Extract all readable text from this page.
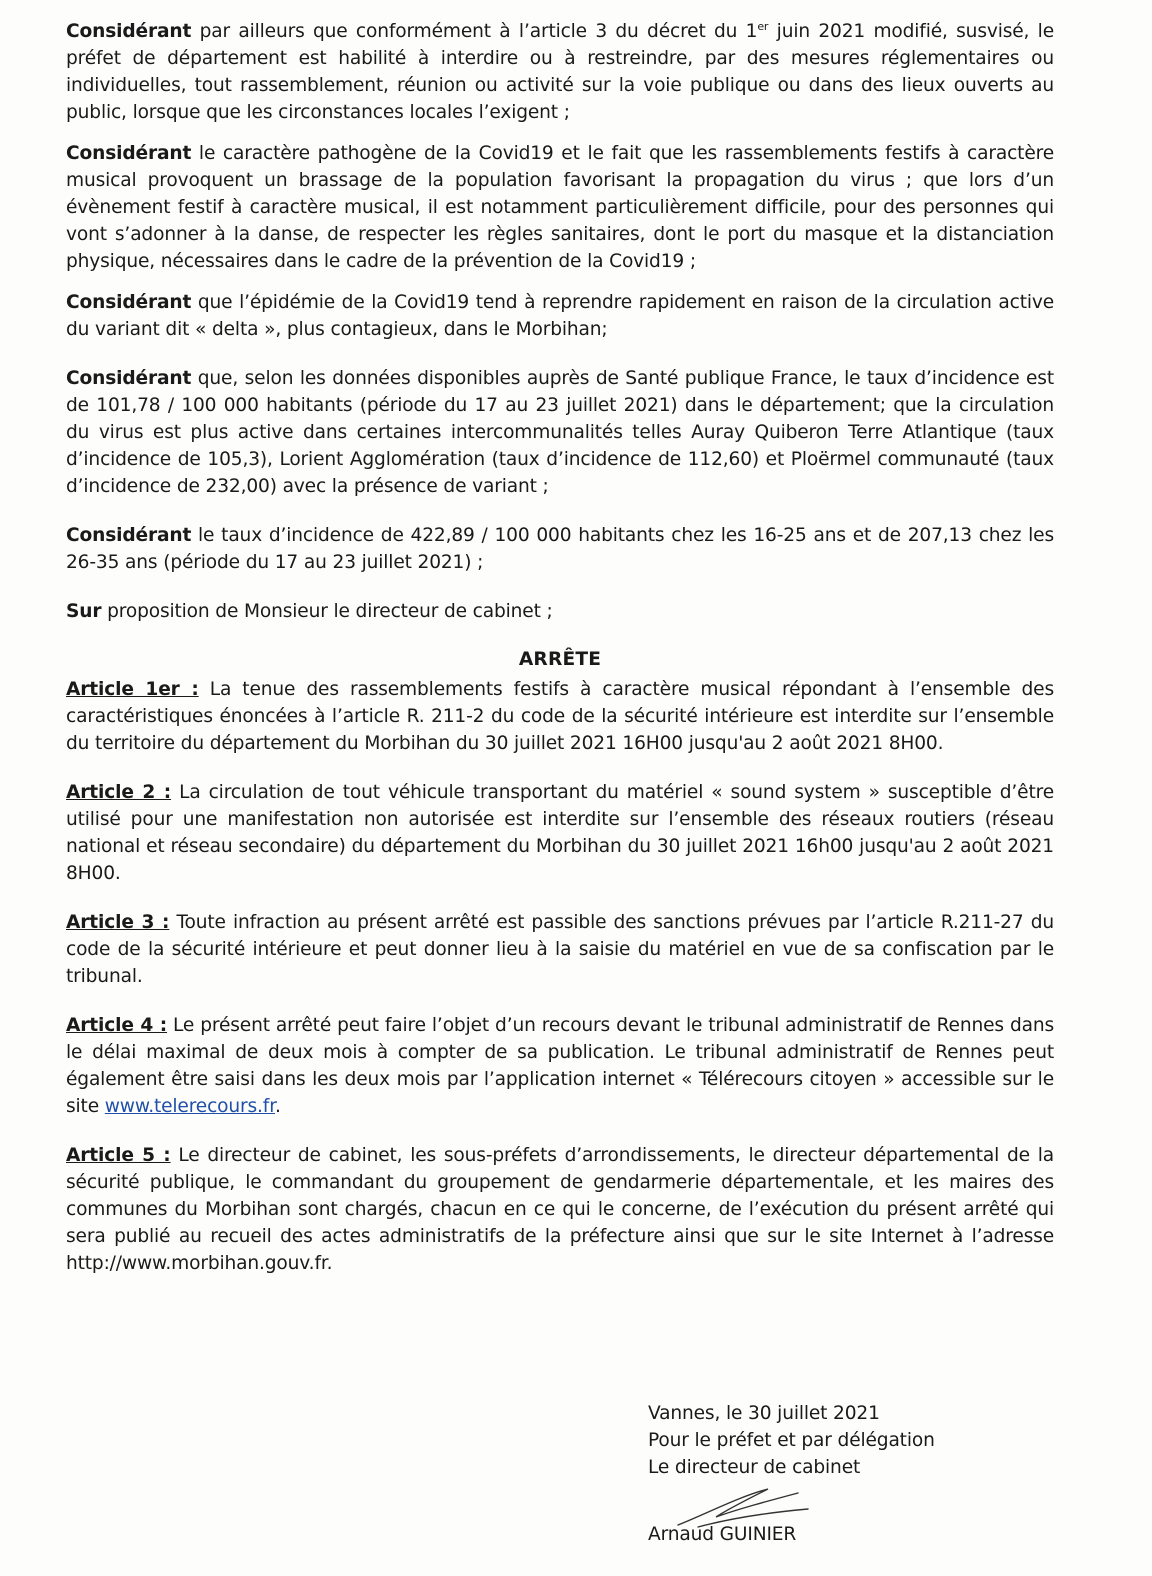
Considérant par ailleurs que conformément à l’article 3 du décret du 1er juin 2021 modifié, susvisé, le préfet de département est habilité à interdire ou à restreindre, par des mesures réglementaires ou individuelles, tout rassemblement, réunion ou activité sur la voie publique ou dans des lieux ouverts au public, lorsque que les circonstances locales l’exigent ;

Considérant le caractère pathogène de la Covid19 et le fait que les rassemblements festifs à caractère musical provoquent un brassage de la population favorisant la propagation du virus ; que lors d’un évènement festif à caractère musical, il est notamment particulièrement difficile, pour des personnes qui vont s’adonner à la danse, de respecter les règles sanitaires, dont le port du masque et la distanciation physique, nécessaires dans le cadre de la prévention de la Covid19 ;

Considérant que l’épidémie de la Covid19 tend à reprendre rapidement en raison de la circulation active du variant dit « delta », plus contagieux, dans le Morbihan;

Considérant que, selon les données disponibles auprès de Santé publique France, le taux d’incidence est de 101,78 / 100 000 habitants (période du 17 au 23 juillet 2021) dans le département; que la circulation du virus est plus active dans certaines intercommunalités telles Auray Quiberon Terre Atlantique (taux d’incidence de 105,3), Lorient Agglomération (taux d’incidence de 112,60) et Ploërmel communauté (taux d’incidence de 232,00) avec la présence de variant ;

Considérant le taux d’incidence de 422,89 / 100 000 habitants chez les 16-25 ans et de 207,13 chez les 26-35 ans (période du 17 au 23 juillet 2021) ;

Sur proposition de Monsieur le directeur de cabinet ;

ARRÊTE

Article 1er : La tenue des rassemblements festifs à caractère musical répondant à l’ensemble des caractéristiques énoncées à l’article R. 211-2 du code de la sécurité intérieure est interdite sur l’ensemble du territoire du département du Morbihan du 30 juillet 2021 16H00 jusqu'au 2 août 2021 8H00.

Article 2 : La circulation de tout véhicule transportant du matériel « sound system » susceptible d’être utilisé pour une manifestation non autorisée est interdite sur l’ensemble des réseaux routiers (réseau national et réseau secondaire) du département du Morbihan du 30 juillet 2021 16h00 jusqu'au 2 août 2021 8H00.

Article 3 : Toute infraction au présent arrêté est passible des sanctions prévues par l’article R.211-27 du code de la sécurité intérieure et peut donner lieu à la saisie du matériel en vue de sa confiscation par le tribunal.

Article 4 : Le présent arrêté peut faire l’objet d’un recours devant le tribunal administratif de Rennes dans le délai maximal de deux mois à compter de sa publication. Le tribunal administratif de Rennes peut également être saisi dans les deux mois par l’application internet « Télérecours citoyen » accessible sur le site www.telerecours.fr.

Article 5 : Le directeur de cabinet, les sous-préfets d’arrondissements, le directeur départemental de la sécurité publique, le commandant du groupement de gendarmerie départementale, et les maires des communes du Morbihan sont chargés, chacun en ce qui le concerne, de l’exécution du présent arrêté qui sera publié au recueil des actes administratifs de la préfecture ainsi que sur le site Internet à l’adresse http://www.morbihan.gouv.fr.

Vannes, le 30 juillet 2021
Pour le préfet et par délégation
Le directeur de cabinet
Arnaud GUINIER
